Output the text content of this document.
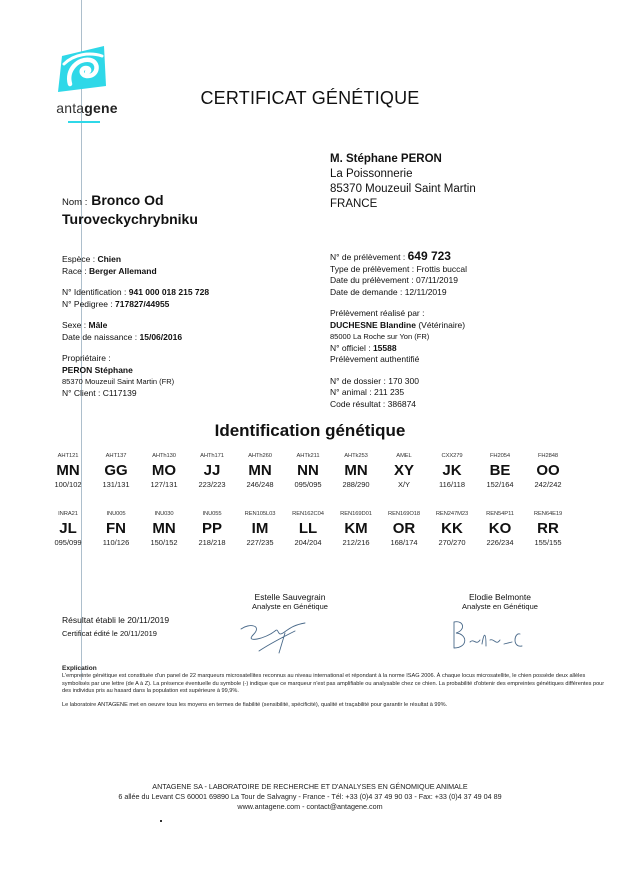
antagene	CERTIFICAT GÉNÉTIQUE
M. Stéphane PERON
La Poissonnerie
85370 Mouzeuil Saint Martin
FRANCE
Nom : Bronco Od
Turoveckychrybniku
Espèce : Chien
Race : Berger Allemand
N° Identification : 941 000 018 215 728
N° Pedigree : 717827/44955
Sexe : Mâle
Date de naissance : 15/06/2016
Propriétaire :
PERON Stéphane
85370 Mouzeuil Saint Martin (FR)
N° Client : C117139
N° de prélèvement : 649 723
Type de prélèvement : Frottis buccal
Date du prélèvement : 07/11/2019
Date de demande : 12/11/2019
Prélèvement réalisé par :
DUCHESNE Blandine (Vétérinaire)
85000 La Roche sur Yon (FR)
N° officiel : 15588
Prélèvement authentifié
N° de dossier : 170 300
N° animal : 211 235
Code résultat : 386874
Identification génétique
AHT121
MN
100/102
AHT137
GG
131/131
AHTh130
MO
127/131
AHTh171
JJ
223/223
AHTh260
MN
246/248
AHTk211
NN
095/095
AHTk253
MN
288/290
AMEL
XY
X/Y
CXX279
JK
116/118
FH2054
BE
152/164
FH2848
OO
242/242
INRA21
JL
095/099
INU005
FN
110/126
INU030
MN
150/152
INU055
PP
218/218
REN105L03
IM
227/235
REN162C04
LL
204/204
REN169D01
KM
212/216
REN169O18
OR
168/174
REN247M23
KK
270/270
REN54P11
KO
226/234
REN64E19
RR
155/155
Résultat établi le 20/11/2019
Certificat édité le 20/11/2019
Estelle Sauvegrain
Analyste en Génétique
Elodie Belmonte
Analyste en Génétique
Explication
L'empreinte génétique est constituée d'un panel de 22 marqueurs microsatellites reconnus au niveau international et répondant à la norme ISAG 2006. À chaque locus microsatellite, le chien possède deux allèles symbolisés par une lettre (de A à Z). La présence éventuelle du symbole (-) indique que ce marqueur n'est pas amplifiable ou analysable chez ce chien. La probabilité d'obtenir des empreintes génétiques différentes pour des individus pris au hasard dans la population est supérieure à 99,9%.
Le laboratoire ANTAGENE met en oeuvre tous les moyens en termes de fiabilité (sensibilité, spécificité), qualité et traçabilité pour garantir le résultat à 99%.
ANTAGENE SA - LABORATOIRE DE RECHERCHE ET D'ANALYSES EN GÉNOMIQUE ANIMALE
6 allée du Levant CS 60001 69890 La Tour de Salvagny - France - Tél: +33 (0)4 37 49 90 03 - Fax: +33 (0)4 37 49 04 89
www.antagene.com - contact@antagene.com
